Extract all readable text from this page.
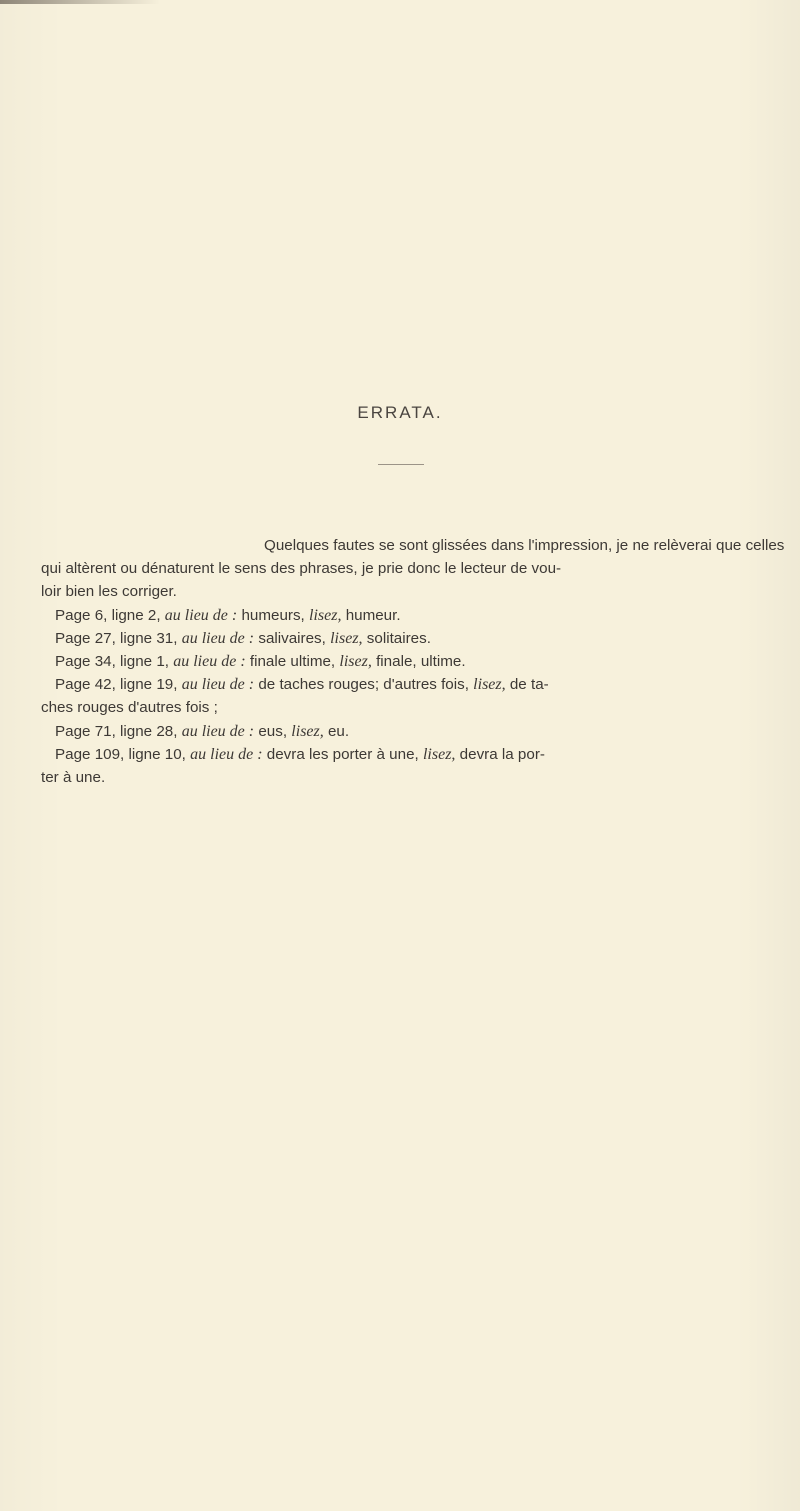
ERRATA.
Quelques fautes se sont glissées dans l'impression, je ne relèverai que celles
qui altèrent ou dénaturent le sens des phrases, je prie donc le lecteur de vou-
loir bien les corriger.
Page 6, ligne 2, au lieu de : humeurs, lisez, humeur.
Page 27, ligne 31, au lieu de : salivaires, lisez, solitaires.
Page 34, ligne 1, au lieu de : finale ultime, lisez, finale, ultime.
Page 42, ligne 19, au lieu de : de taches rouges; d'autres fois, lisez, de ta-
ches rouges d'autres fois ;
Page 71, ligne 28, au lieu de : eus, lisez, eu.
Page 109, ligne 10, au lieu de : devra les porter à une, lisez, devra la por-
ter à une.
